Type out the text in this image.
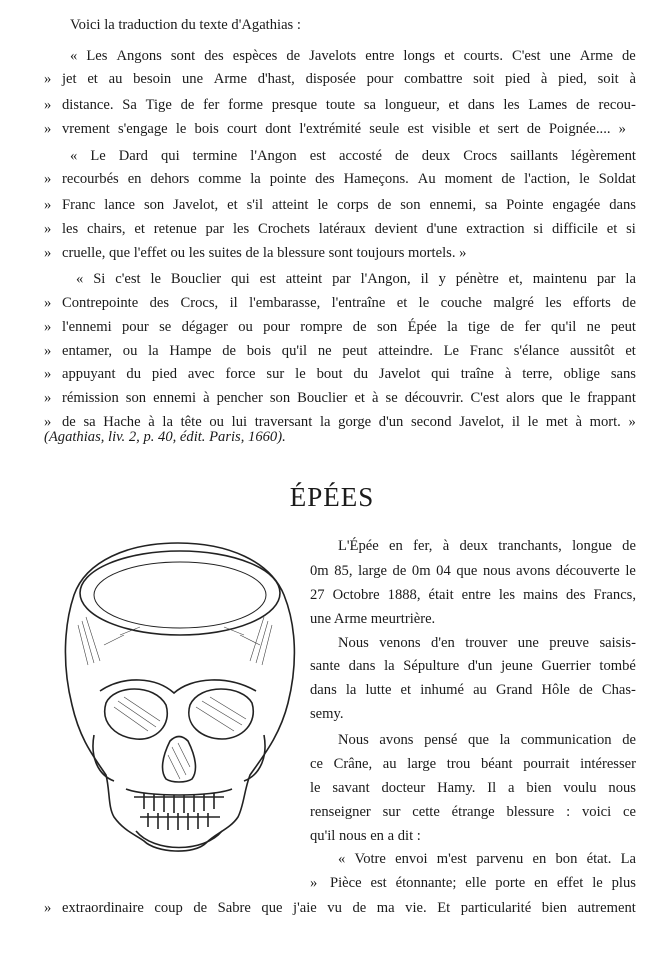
Voici la traduction du texte d'Agathias :
« Les Angons sont des espèces de Javelots entre longs et courts. C'est une Arme de
» jet et au besoin une Arme d'hast, disposée pour combattre soit pied à pied, soit à
» distance. Sa Tige de fer forme presque toute sa longueur, et dans les Lames de recou-
» vrement s'engage le bois court dont l'extrémité seule est visible et sert de Poignée.... »
« Le Dard qui termine l'Angon est accosté de deux Crocs saillants légèrement
» recourbés en dehors comme la pointe des Hameçons. Au moment de l'action, le Soldat
» Franc lance son Javelot, et s'il atteint le corps de son ennemi, sa Pointe engagée dans
» les chairs, et retenue par les Crochets latéraux devient d'une extraction si difficile et si
» cruelle, que l'effet ou les suites de la blessure sont toujours mortels. »
« Si c'est le Bouclier qui est atteint par l'Angon, il y pénètre et, maintenu par la
» Contrepointe des Crocs, il l'embarasse, l'entraîne et le couche malgré les efforts de
» l'ennemi pour se dégager ou pour rompre de son Épée la tige de fer qu'il ne peut
» entamer, ou la Hampe de bois qu'il ne peut atteindre. Le Franc s'élance aussitôt et
» appuyant du pied avec force sur le bout du Javelot qui traîne à terre, oblige sans
» rémission son ennemi à pencher son Bouclier et à se découvrir. C'est alors que le frappant
» de sa Hache à la tête ou lui traversant la gorge d'un second Javelot, il le met à mort. »
(Agathias, liv. 2, p. 40, édit. Paris, 1660).
ÉPÉES
L'Épée en fer, à deux tranchants, longue de
0m 85, large de 0m 04 que nous avons découverte le
27 Octobre 1888, était entre les mains des Francs,
une Arme meurtrière.
Nous venons d'en trouver une preuve saisis-
sante dans la Sépulture d'un jeune Guerrier tombé
dans la lutte et inhumé au Grand Hôle de Chas-
semy.
Nous avons pensé que la communication de
ce Crâne, au large trou béant pourrait intéresser
le savant docteur Hamy. Il a bien voulu nous
renseigner sur cette étrange blessure : voici ce
qu'il nous en a dit :
« Votre envoi m'est parvenu en bon état. La
» Pièce est étonnante; elle porte en effet le plus
» extraordinaire coup de Sabre que j'aie vu de ma vie. Et particularité bien autrement
